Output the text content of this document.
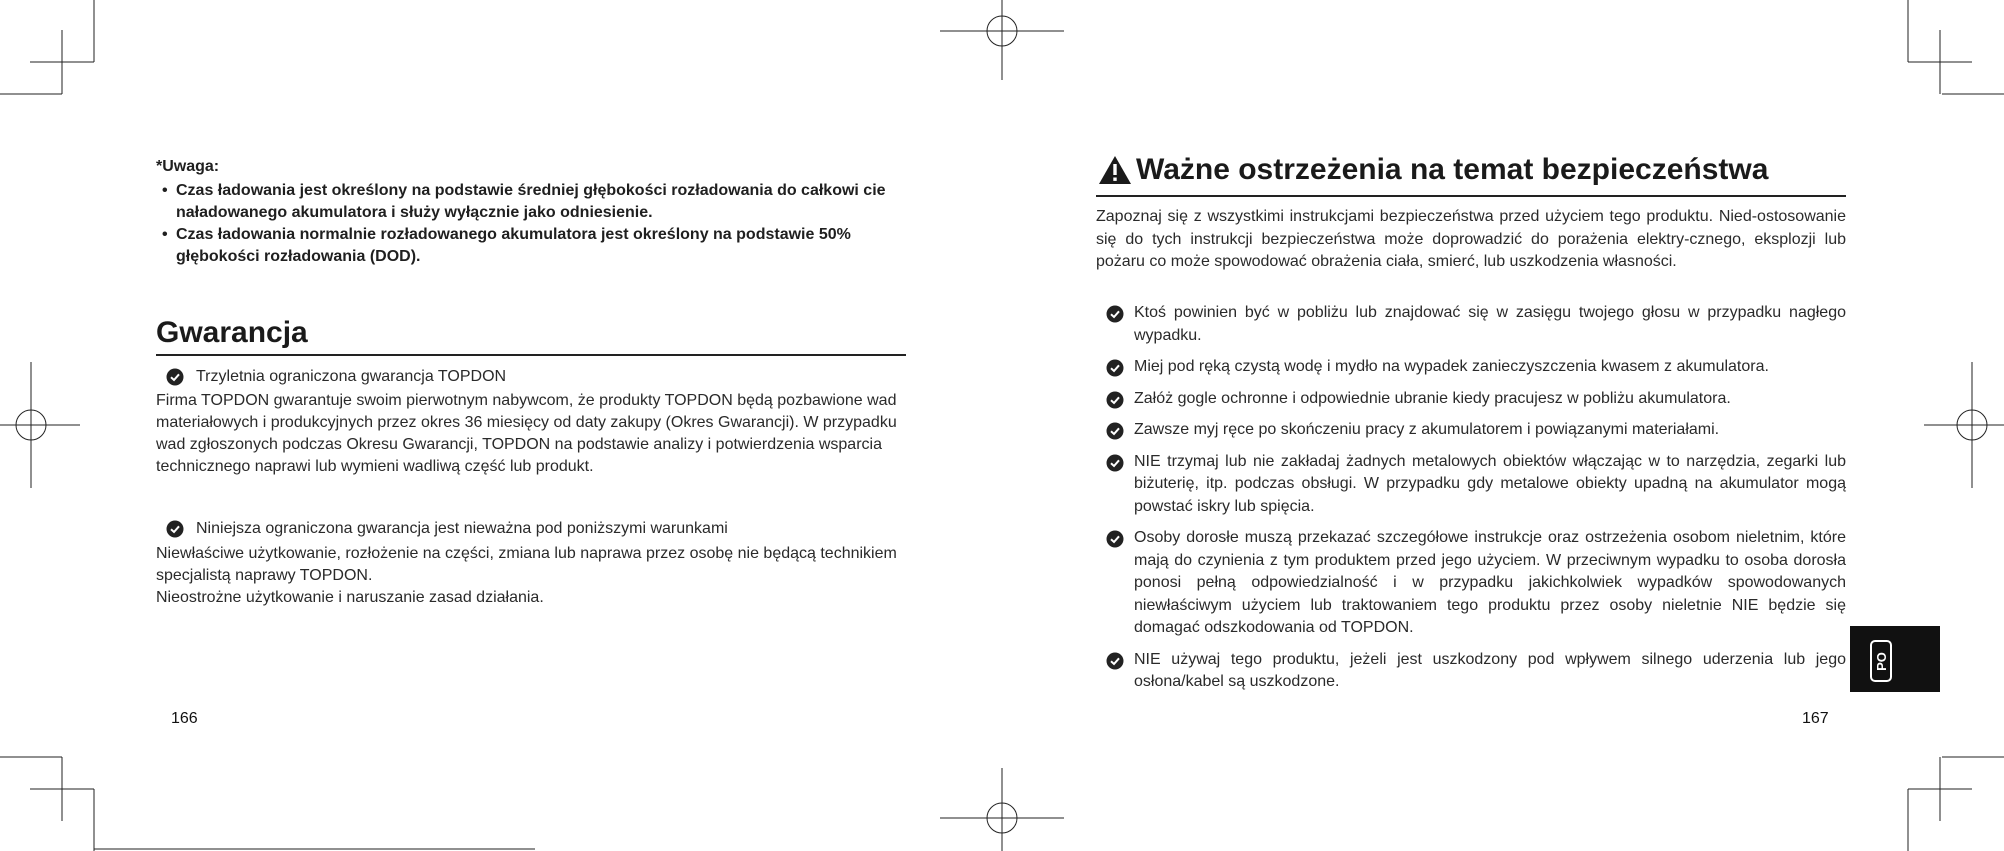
*Uwaga:
• Czas ładowania jest określony na podstawie średniej głębokości rozładowania do całkowi cie naładowanego akumulatora i służy wyłącznie jako odniesienie.
• Czas ładowania normalnie rozładowanego akumulatora jest określony na podstawie 50% głębokości rozładowania (DOD).
Gwarancja
Trzyletnia ograniczona gwarancja TOPDON
Firma TOPDON gwarantuje swoim pierwotnym nabywcom, że produkty TOPDON będą pozbawione wad materiałowych i produkcyjnych przez okres 36 miesięcy od daty zakupy (Okres Gwarancji). W przypadku wad zgłoszonych podczas Okresu Gwarancji, TOPDON na podstawie analizy i potwierdzenia wsparcia technicznego naprawi lub wymieni wadliwą część lub produkt.
Niniejsza ograniczona gwarancja jest nieważna pod poniższymi warunkami
Niewłaściwe użytkowanie, rozłożenie na części, zmiana lub naprawa przez osobę nie będącą technikiem specjalistą naprawy TOPDON.
Nieostrożne użytkowanie i naruszanie zasad działania.
166
Ważne ostrzeżenia na temat bezpieczeństwa
Zapoznaj się z wszystkimi instrukcjami bezpieczeństwa przed użyciem tego produktu. Nied-ostosowanie się do tych instrukcji bezpieczeństwa może doprowadzić do porażenia elektry-cznego, eksplozji lub pożaru co może spowodować obrażenia ciała, smierć, lub uszkodzenia własności.
Ktoś powinien być w pobliżu lub znajdować się w zasięgu twojego głosu w przypadku nagłego wypadku.
Miej pod ręką czystą wodę i mydło na wypadek zanieczyszczenia kwasem z akumulatora.
Załóż gogle ochronne i odpowiednie ubranie kiedy pracujesz w pobliżu akumulatora.
Zawsze myj ręce po skończeniu pracy z akumulatorem i powiązanymi materiałami.
NIE trzymaj lub nie zakładaj żadnych metalowych obiektów włączając w to narzędzia, zegarki lub biżuterię, itp. podczas obsługi. W przypadku gdy metalowe obiekty upadną na akumulator mogą powstać iskry lub spięcia.
Osoby dorosłe muszą przekazać szczegółowe instrukcje oraz ostrzeżenia osobom nieletnim, które mają do czynienia z tym produktem przed jego użyciem. W przeciwnym wypadku to osoba dorosła ponosi pełną odpowiedzialność i w przypadku jakichkolwiek wypadków spowodowanych niewłaściwym użyciem lub traktowaniem tego produktu przez osoby nieletnie NIE będzie się domagać odszkodowania od TOPDON.
NIE używaj tego produktu, jeżeli jest uszkodzony pod wpływem silnego uderzenia lub jego osłona/kabel są uszkodzone.
PO
167
